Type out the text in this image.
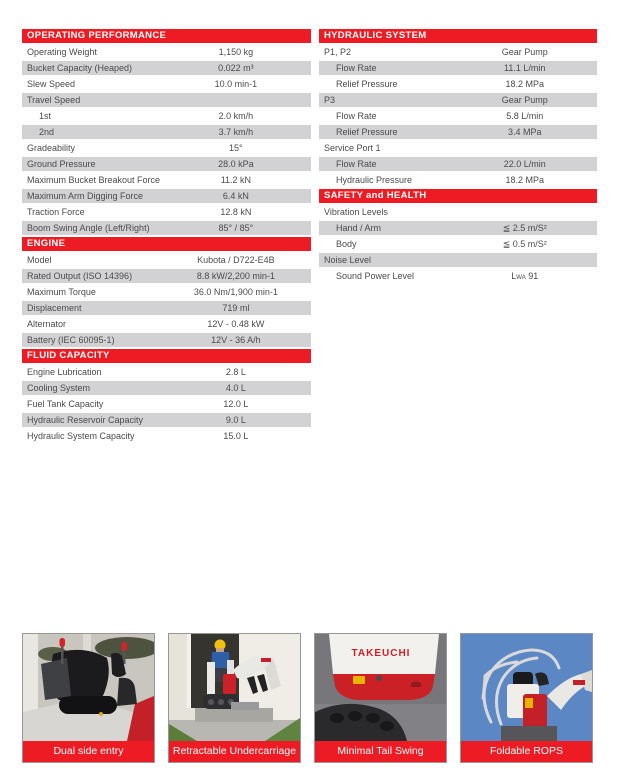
OPERATING PERFORMANCE
Operating Weight	1,150 kg
Bucket Capacity (Heaped)	0.022 m³
Slew Speed	10.0 min-1
Travel Speed
1st	2.0 km/h
2nd	3.7 km/h
Gradeability	15°
Ground Pressure	28.0 kPa
Maximum Bucket Breakout Force	11.2 kN
Maximum Arm Digging Force	6.4 kN
Traction Force	12.8 kN
Boom Swing Angle (Left/Right)	85° / 85°
ENGINE
Model	Kubota / D722-E4B
Rated Output (ISO 14396)	8.8 kW/2,200 min-1
Maximum Torque	36.0 Nm/1,900 min-1
Displacement	719 ml
Alternator	12V - 0.48 kW
Battery (IEC 60095-1)	12V - 36 A/h
FLUID CAPACITY
Engine Lubrication	2.8 L
Cooling System	4.0 L
Fuel Tank Capacity	12.0 L
Hydraulic Reservoir Capacity	9.0 L
Hydraulic System Capacity	15.0 L
HYDRAULIC SYSTEM
P1, P2	Gear Pump
Flow Rate	11.1 L/min
Relief Pressure	18.2 MPa
P3	Gear Pump
Flow Rate	5.8 L/min
Relief Pressure	3.4 MPa
Service Port 1
Flow Rate	22.0 L/min
Hydraulic Pressure	18.2 MPa
SAFETY and HEALTH
Vibration Levels
Hand / Arm	≦ 2.5 m/S²
Body	≦ 0.5 m/S²
Noise Level
Sound Power Level	LWA 91
Dual side entry	Retractable Undercarriage
TAKEUCHI
Minimal Tail Swing	Foldable ROPS
